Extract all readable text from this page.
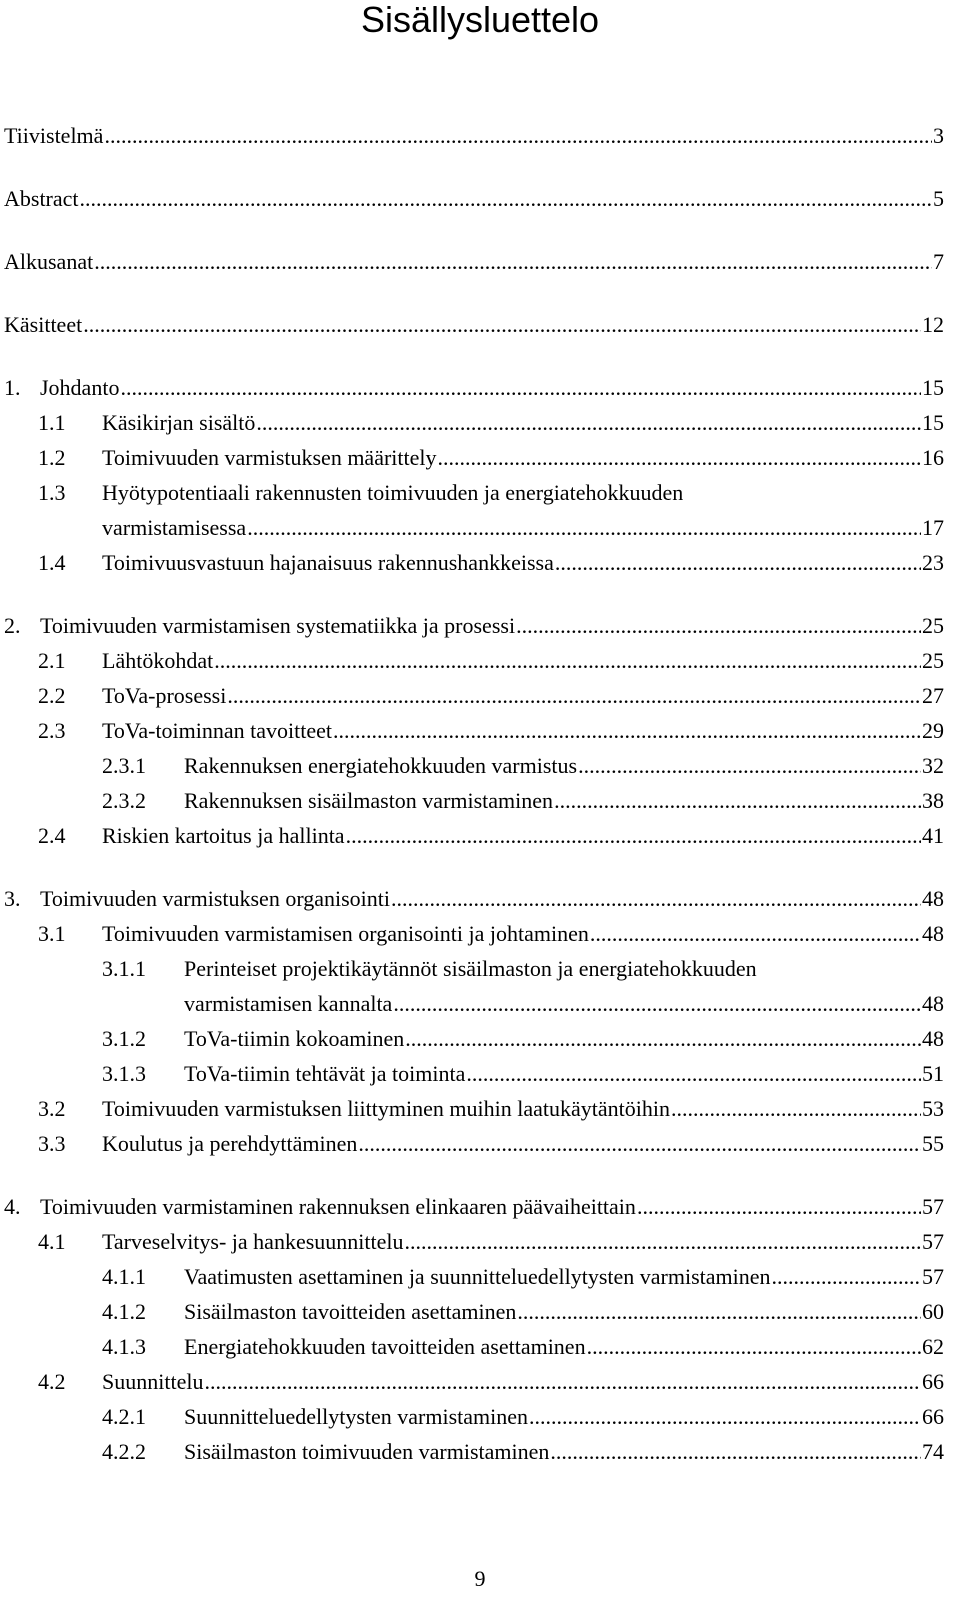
Sisällysluettelo
Tiivistelmä .....	3
Abstract .....	5
Alkusanat .....	7
Käsitteet .....	12
1. Johdanto .....	15
1.1	Käsikirjan sisältö .....	15
1.2	Toimivuuden varmistuksen määrittely .....	16
1.3	Hyötypotentiaali rakennusten toimivuuden ja energiatehokkuuden
varmistamisessa .....	17
1.4	Toimivuusvastuun hajanaisuus rakennushankkeissa .....	23
2. Toimivuuden varmistamisen systematiikka ja prosessi .....	25
2.1	Lähtökohdat .....	25
2.2	ToVa-prosessi .....	27
2.3	ToVa-toiminnan tavoitteet .....	29
2.3.1	Rakennuksen energiatehokkuuden varmistus .....	32
2.3.2	Rakennuksen sisäilmaston varmistaminen .....	38
2.4	Riskien kartoitus ja hallinta .....	41
3. Toimivuuden varmistuksen organisointi .....	48
3.1	Toimivuuden varmistamisen organisointi ja johtaminen .....	48
3.1.1	Perinteiset projektikäytännöt sisäilmaston ja energiatehokkuuden
varmistamisen kannalta .....	48
3.1.2	ToVa-tiimin kokoaminen .....	48
3.1.3	ToVa-tiimin tehtävät ja toiminta .....	51
3.2	Toimivuuden varmistuksen liittyminen muihin laatukäytäntöihin .....	53
3.3	Koulutus ja perehdyttäminen .....	55
4. Toimivuuden varmistaminen rakennuksen elinkaaren päävaiheittain .....	57
4.1	Tarveselvitys- ja hankesuunnittelu .....	57
4.1.1	Vaatimusten asettaminen ja suunnitteluedellytysten varmistaminen .....	57
4.1.2	Sisäilmaston tavoitteiden asettaminen .....	60
4.1.3	Energiatehokkuuden tavoitteiden asettaminen .....	62
4.2	Suunnittelu .....	66
4.2.1	Suunnitteluedellytysten varmistaminen .....	66
4.2.2	Sisäilmaston toimivuuden varmistaminen .....	74
9
